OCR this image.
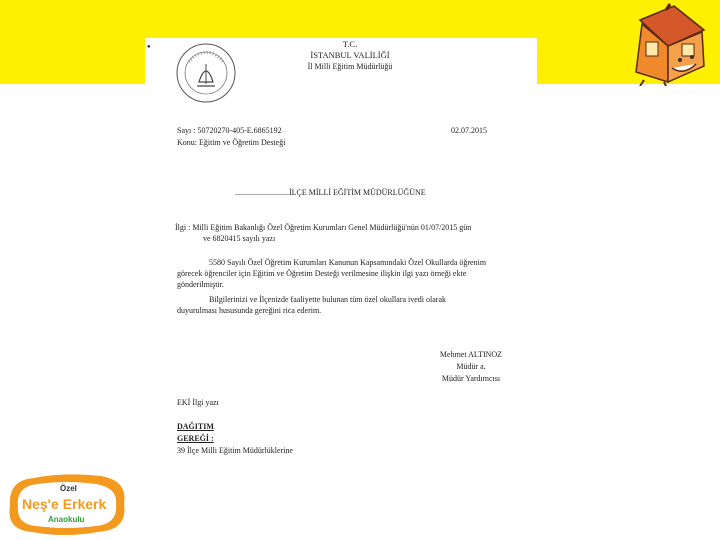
●	T.C.
İSTANBUL VALİLİĞİ
İl Milli Eğitim Müdürlüğü
Sayı : 50720270-405-E.6865192	02.07.2015
Konu: Eğitim ve Öğretim Desteği
...........................İLÇE MİLLİ EĞİTİM MÜDÜRLÜĞÜNE
İlgi : Milli Eğitim Bakanlığı Özel Öğretim Kurumları Genel Müdürlüğü'nün 01/07/2015 gün
ve 6820415 sayılı yazı
5580 Sayılı Özel Öğretim Kurumları Kanunun Kapsamındaki Özel Okullarda öğrenim
görecek öğrenciler için Eğitim ve Öğretim Desteği verilmesine ilişkin ilgi yazı örneği ekte
gönderilmiştir.
Bilgilerinizi ve İlçenizde faaliyette bulunan tüm özel okullara ivedi olarak
duyurulması hususunda gereğini rica ederim.
Mehmet ALTINOZ
Müdür a.
Müdür Yardımcısı
EKİ İlgi yazı
DAĞITIM
GEREĞİ :
39 İlçe Milli Eğitim Müdürlüklerine
Özel
Neş'e Erkerk
Anaokulu
